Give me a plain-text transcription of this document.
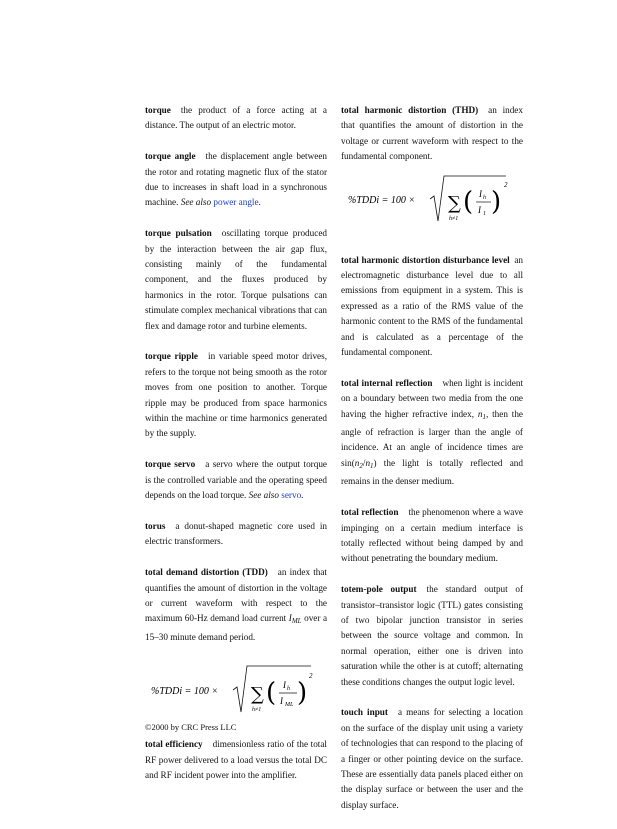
torque the product of a force acting at a distance. The output of an electric motor.

torque angle the displacement angle between the rotor and rotating magnetic flux of the stator due to increases in shaft load in a synchronous machine. See also power angle.

torque pulsation oscillating torque produced by the interaction between the air gap flux, consisting mainly of the fundamental component, and the fluxes produced by harmonics in the rotor. Torque pulsations can stimulate complex mechanical vibrations that can flex and damage rotor and turbine elements.

torque ripple in variable speed motor drives, refers to the torque not being smooth as the rotor moves from one position to another. Torque ripple may be produced from space harmonics within the machine or time harmonics generated by the supply.

torque servo a servo where the output torque is the controlled variable and the operating speed depends on the load torque. See also servo.

torus a donut-shaped magnetic core used in electric transformers.

total demand distortion (TDD) an index that quantifies the amount of distortion in the voltage or current waveform with respect to the maximum 60-Hz demand load current $I_{ML}$ over a 15–30 minute demand period.

%TDDi = 100 × ∑
h≠1
( I h
I ML )
2

total efficiency dimensionless ratio of the total RF power delivered to a load versus the total DC and RF incident power into the amplifier.

total harmonic distortion (THD) an index that quantifies the amount of distortion in the voltage or current waveform with respect to the fundamental component.

%TDDi = 100 × ∑
h≠1
( I h
I 1 )
2

total harmonic distortion disturbance level an electromagnetic disturbance level due to all emissions from equipment in a system. This is expressed as a ratio of the RMS value of the harmonic content to the RMS of the fundamental and is calculated as a percentage of the fundamental component.

total internal reflection when light is incident on a boundary between two media from the one having the higher refractive index, $n_1$, then the angle of refraction is larger than the angle of incidence. At an angle of incidence times are $\sin(n_2/n_1)$ the light is totally reflected and remains in the denser medium.

total reflection the phenomenon where a wave impinging on a certain medium interface is totally reflected without being damped by and without penetrating the boundary medium.

totem-pole output the standard output of transistor–transistor logic (TTL) gates consisting of two bipolar junction transistor in series between the source voltage and common. In normal operation, either one is driven into saturation while the other is at cutoff; alternating these conditions changes the output logic level.

touch input a means for selecting a location on the surface of the display unit using a variety of technologies that can respond to the placing of a finger or other pointing device on the surface. These are essentially data panels placed either on the display surface or between the user and the display surface.

©2000 by CRC Press LLC
